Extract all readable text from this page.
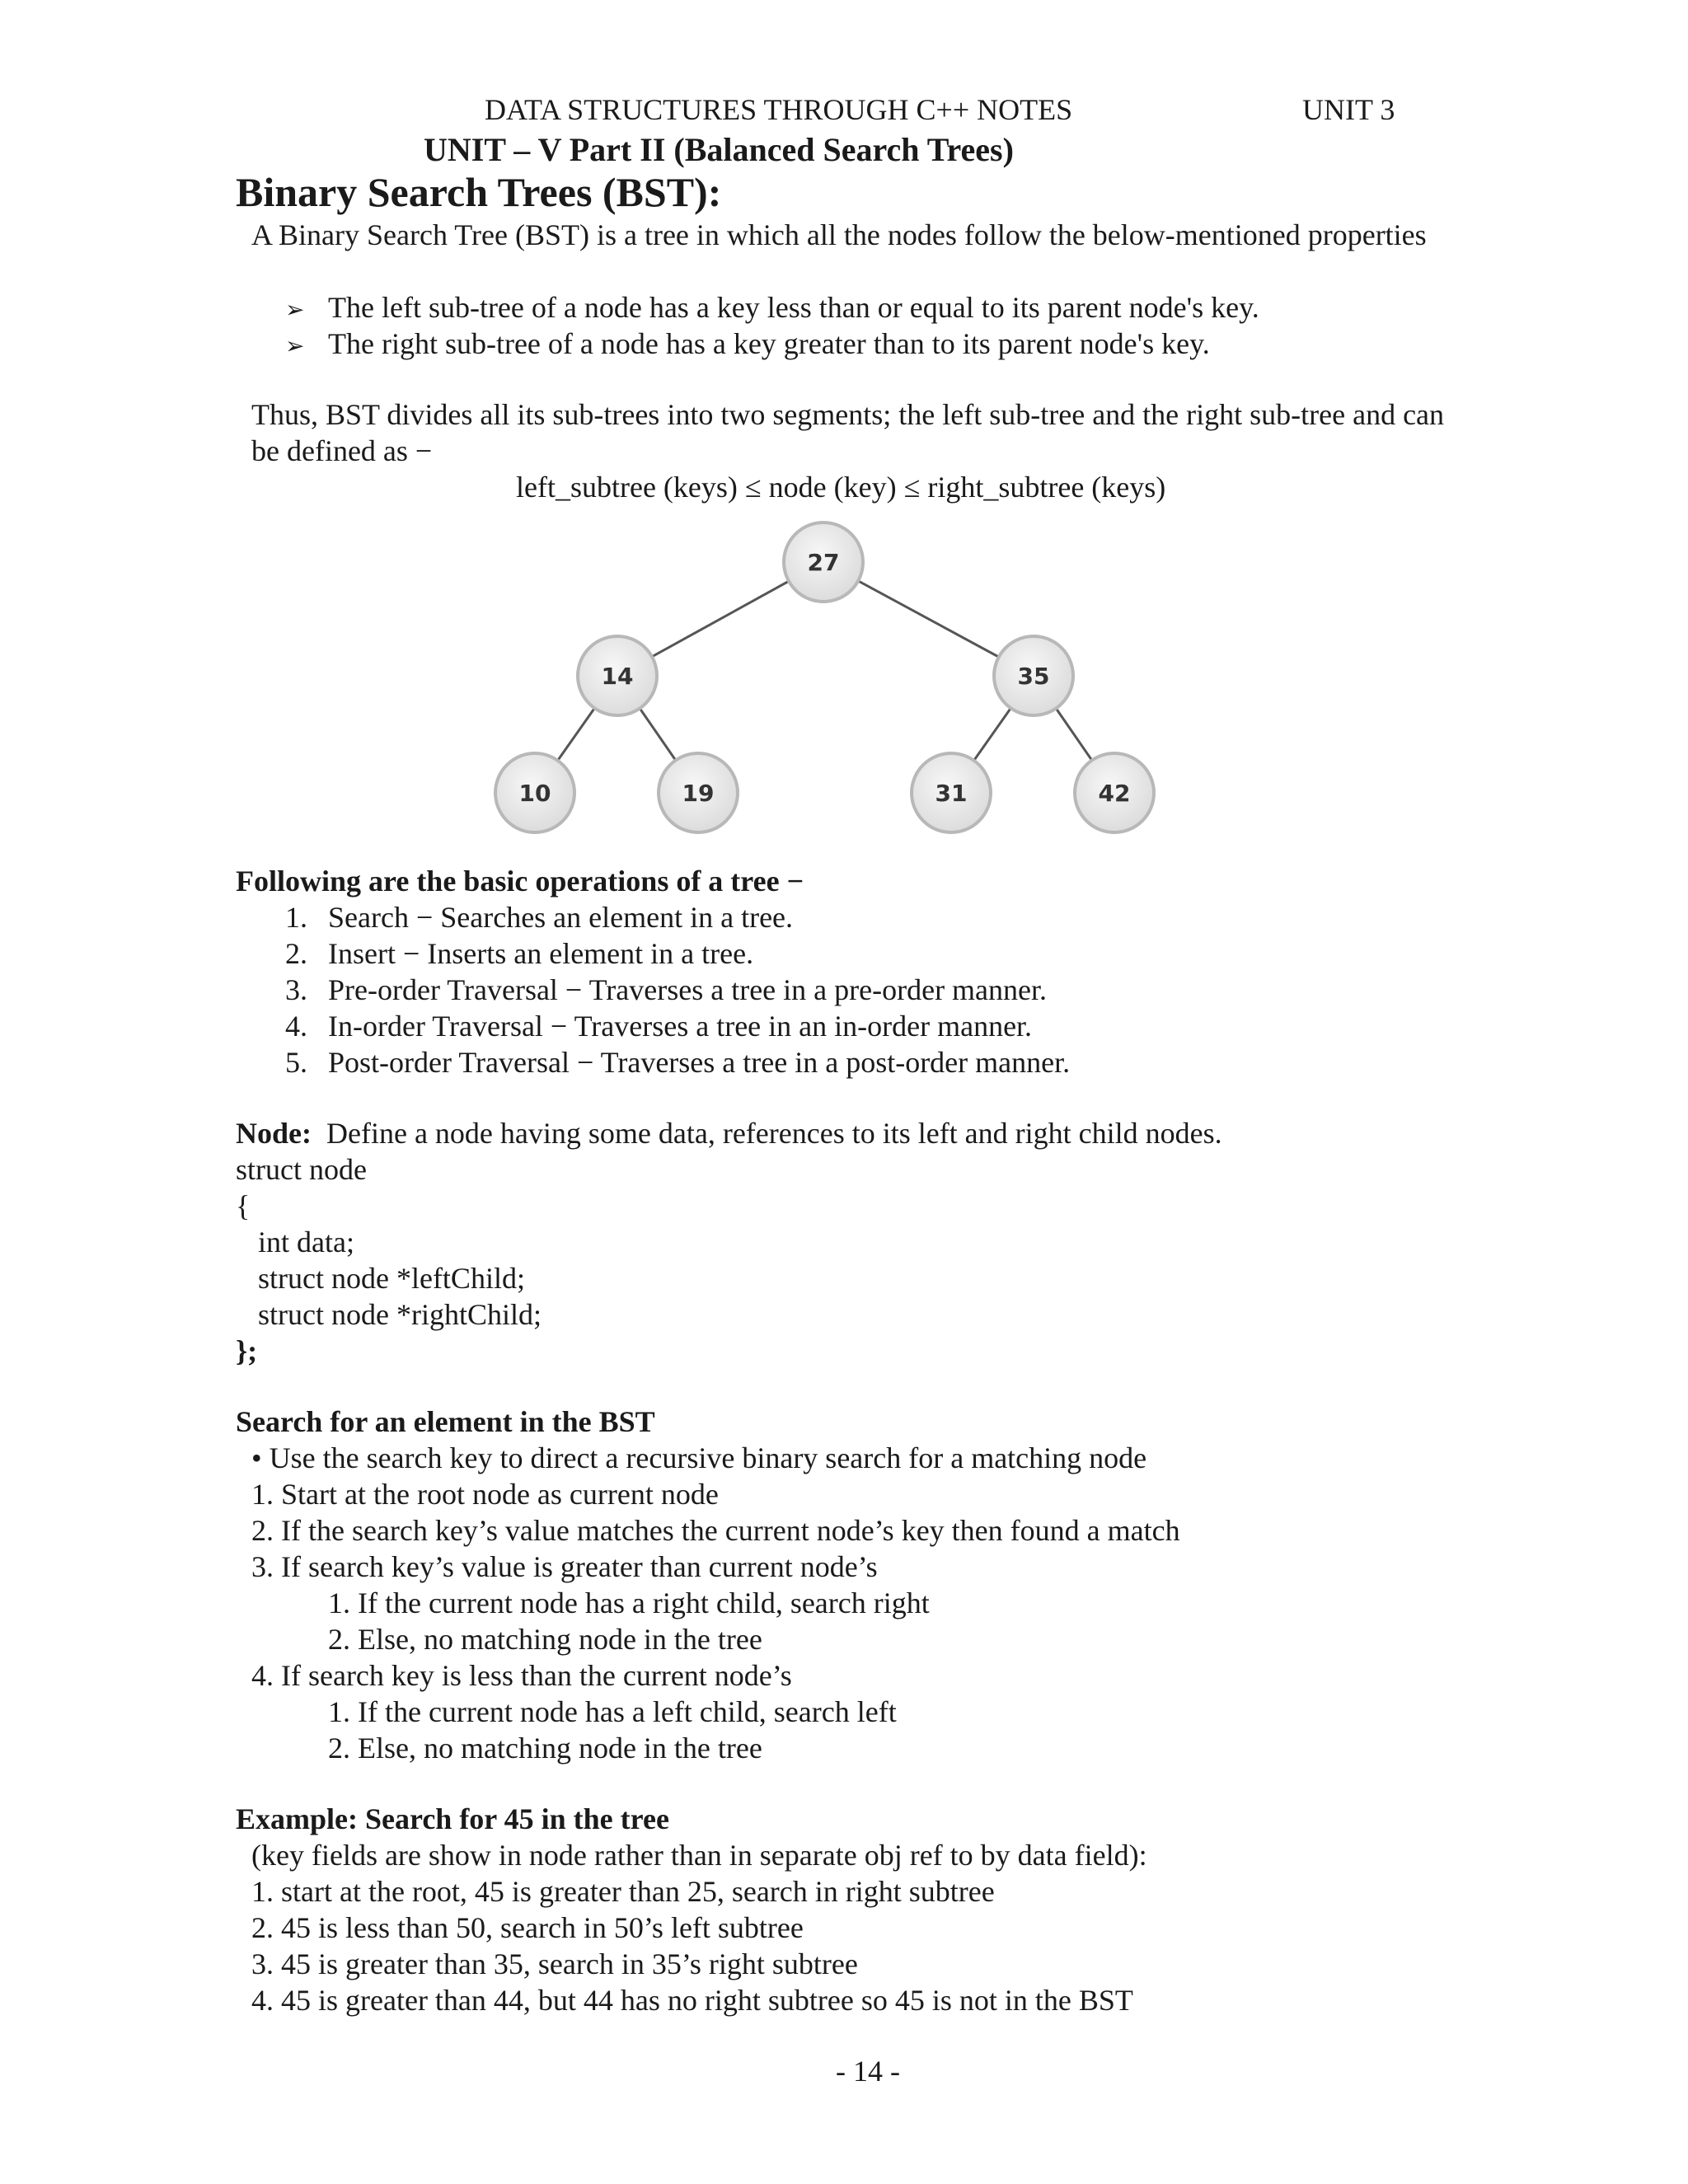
DATA STRUCTURES THROUGH C++ NOTES	UNIT 3
UNIT – V Part II (Balanced Search Trees)
Binary Search Trees (BST):
A Binary Search Tree (BST) is a tree in which all the nodes follow the below-mentioned properties
➢ The left sub-tree of a node has a key less than or equal to its parent node's key.
➢ The right sub-tree of a node has a key greater than to its parent node's key.
Thus, BST divides all its sub-trees into two segments; the left sub-tree and the right sub-tree and can
be defined as −
left_subtree (keys) ≤ node (key) ≤ right_subtree (keys)
27
14	35
10	19	31	42
Following are the basic operations of a tree −
1. Search − Searches an element in a tree.
2. Insert − Inserts an element in a tree.
3. Pre-order Traversal − Traverses a tree in a pre-order manner.
4. In-order Traversal − Traverses a tree in an in-order manner.
5. Post-order Traversal − Traverses a tree in a post-order manner.
Node: Define a node having some data, references to its left and right child nodes.
struct node
{
int data;
struct node *leftChild;
struct node *rightChild;
};
Search for an element in the BST
• Use the search key to direct a recursive binary search for a matching node
1. Start at the root node as current node
2. If the search key’s value matches the current node’s key then found a match
3. If search key’s value is greater than current node’s
1. If the current node has a right child, search right
2. Else, no matching node in the tree
4. If search key is less than the current node’s
1. If the current node has a left child, search left
2. Else, no matching node in the tree
Example: Search for 45 in the tree
(key fields are show in node rather than in separate obj ref to by data field):
1. start at the root, 45 is greater than 25, search in right subtree
2. 45 is less than 50, search in 50’s left subtree
3. 45 is greater than 35, search in 35’s right subtree
4. 45 is greater than 44, but 44 has no right subtree so 45 is not in the BST
- 14 -
